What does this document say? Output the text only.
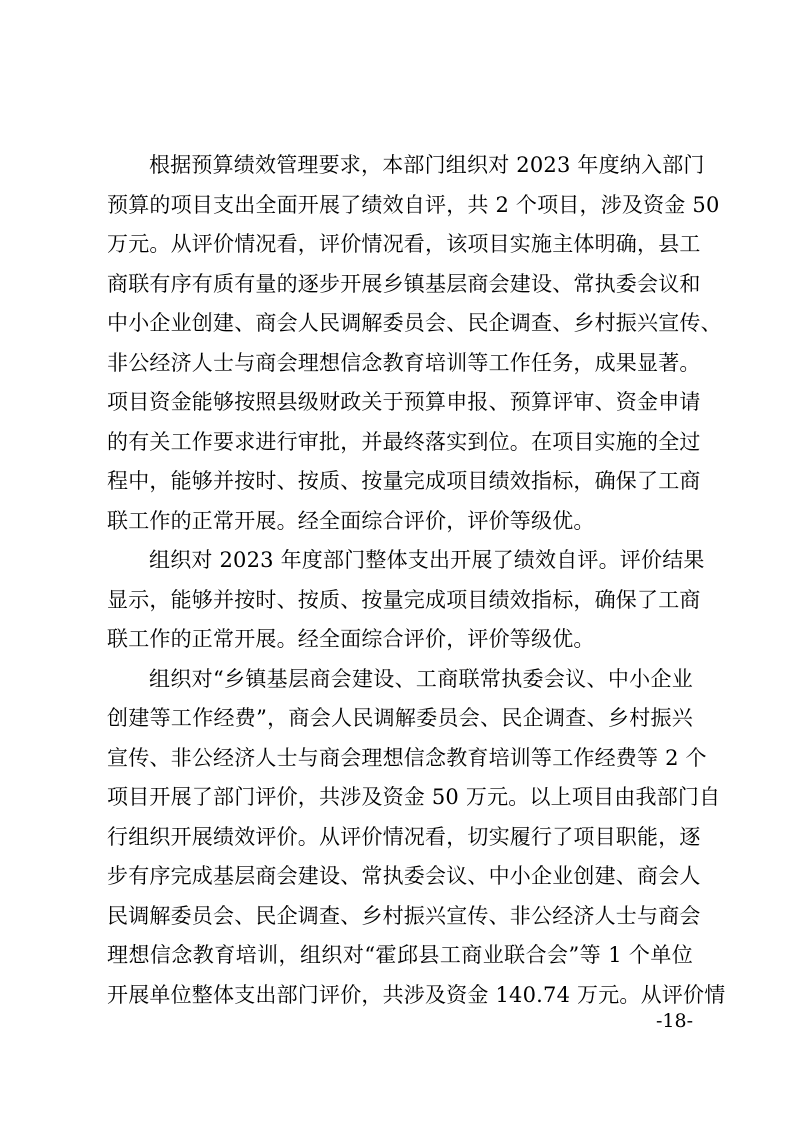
根据预算绩效管理要求，本部门组织对 2023 年度纳入部门
预算的项目支出全面开展了绩效自评，共 2 个项目，涉及资金 50
万元。从评价情况看，评价情况看，该项目实施主体明确，县工
商联有序有质有量的逐步开展乡镇基层商会建设、常执委会议和
中小企业创建、商会人民调解委员会、民企调查、乡村振兴宣传、
非公经济人士与商会理想信念教育培训等工作任务，成果显著。
项目资金能够按照县级财政关于预算申报、预算评审、资金申请
的有关工作要求进行审批，并最终落实到位。在项目实施的全过
程中，能够并按时、按质、按量完成项目绩效指标，确保了工商
联工作的正常开展。经全面综合评价，评价等级优。
组织对 2023 年度部门整体支出开展了绩效自评。评价结果
显示，能够并按时、按质、按量完成项目绩效指标，确保了工商
联工作的正常开展。经全面综合评价，评价等级优。
组织对“乡镇基层商会建设、工商联常执委会议、中小企业
创建等工作经费”，商会人民调解委员会、民企调查、乡村振兴
宣传、非公经济人士与商会理想信念教育培训等工作经费等 2 个
项目开展了部门评价，共涉及资金 50 万元。以上项目由我部门自
行组织开展绩效评价。从评价情况看，切实履行了项目职能，逐
步有序完成基层商会建设、常执委会议、中小企业创建、商会人
民调解委员会、民企调查、乡村振兴宣传、非公经济人士与商会
理想信念教育培训，组织对“霍邱县工商业联合会”等 1 个单位
开展单位整体支出部门评价，共涉及资金 140.74 万元。从评价情
-18-
